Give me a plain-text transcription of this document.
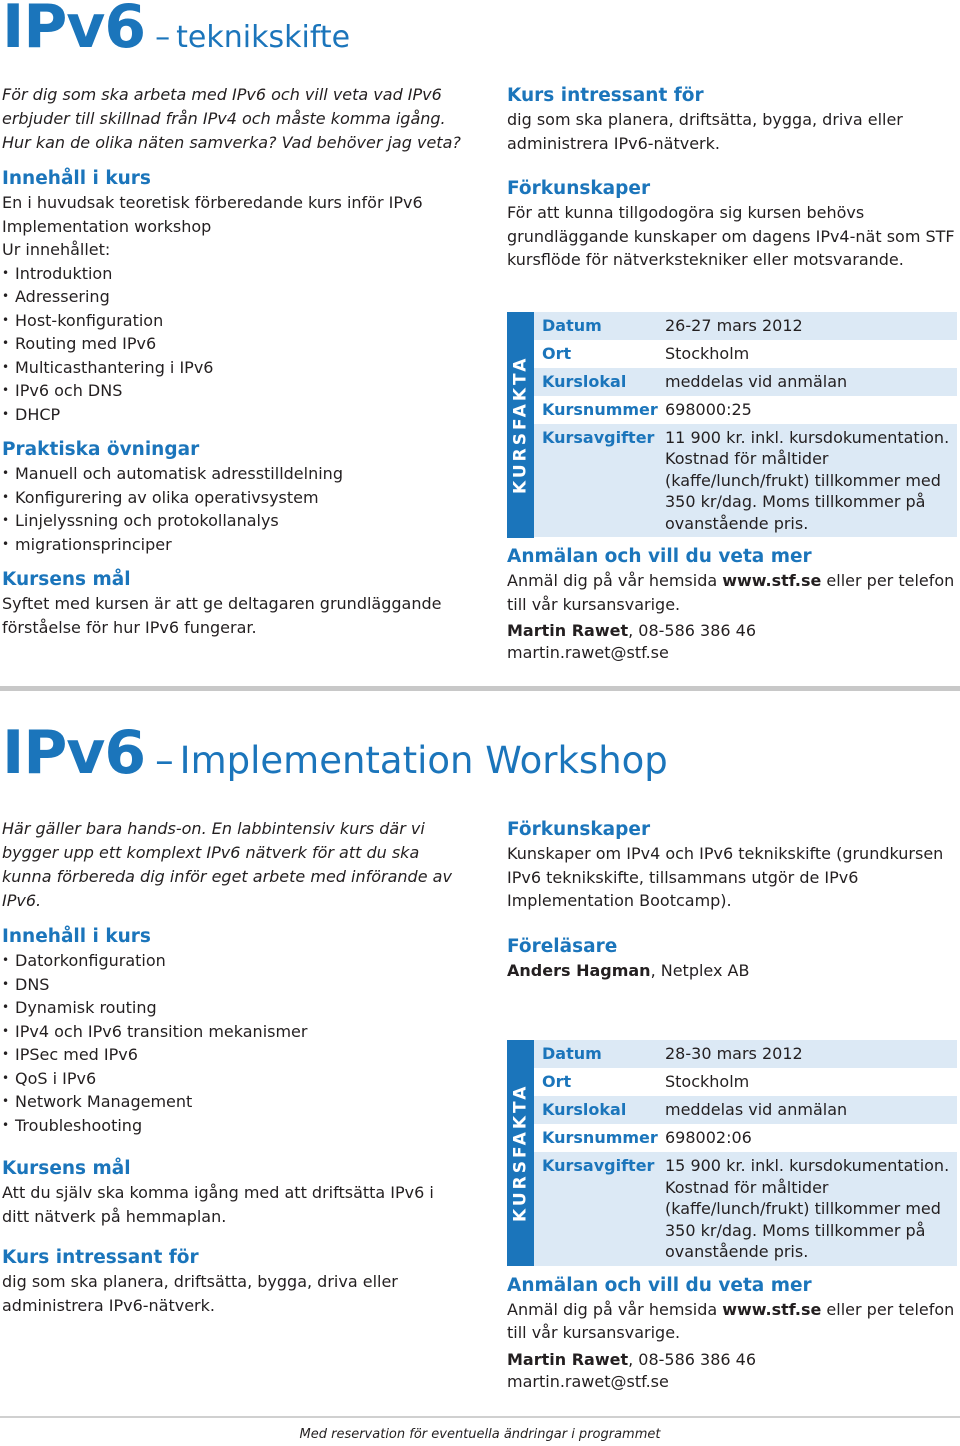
IPv6 – teknikskifte

För dig som ska arbeta med IPv6 och vill veta vad IPv6 erbjuder till skillnad från IPv4 och måste komma igång. Hur kan de olika näten samverka? Vad behöver jag veta?

Innehåll i kurs

En i huvudsak teoretisk förberedande kurs inför IPv6 Implementation workshop

Ur innehållet:

• Introduktion
• Adressering
• Host-konfiguration
• Routing med IPv6
• Multicasthantering i IPv6
• IPv6 och DNS
• DHCP
Praktiska övningar
• Manuell och automatisk adresstilldelning
• Konfigurering av olika operativsystem
• Linjelyssning och protokollanalys
• migrationsprinciper
Kursens mål

Syftet med kursen är att ge deltagaren grundläggande förståelse för hur IPv6 fungerar.

Kurs intressant för

dig som ska planera, driftsätta, bygga, driva eller administrera IPv6-nätverk.

Förkunskaper

För att kunna tillgodogöra sig kursen behövs grundläggande kunskaper om dagens IPv4-nät som STF kursflöde för nätverkstekniker eller motsvarande.

KURSFAKTA
Datum	26-27 mars 2012
Ort	Stockholm
Kurslokal	meddelas vid anmälan
Kursnummer 698000:25
Kursavgifter 11 900 kr. inkl. kursdokumentation. Kostnad för måltider (kaffe/lunch/frukt) tillkommer med 350 kr/dag. Moms tillkommer på ovanstående pris.
Anmälan och vill du veta mer

Anmäl dig på vår hemsida www.stf.se eller per telefon till vår kursansvarige.

Martin Rawet, 08-586 386 46

martin.rawet@stf.se

IPv6 – Implementation Workshop

Här gäller bara hands-on. En labbintensiv kurs där vi bygger upp ett komplext IPv6 nätverk för att du ska kunna förbereda dig inför eget arbete med införande av IPv6.

Innehåll i kurs
• Datorkonfiguration
• DNS
• Dynamisk routing
• IPv4 och IPv6 transition mekanismer
• IPSec med IPv6
• QoS i IPv6
• Network Management
• Troubleshooting
Kursens mål

Att du själv ska komma igång med att driftsätta IPv6 i ditt nätverk på hemmaplan.

Kurs intressant för

dig som ska planera, driftsätta, bygga, driva eller administrera IPv6-nätverk.

Förkunskaper

Kunskaper om IPv4 och IPv6 teknikskifte (grundkursen IPv6 teknikskifte, tillsammans utgör de IPv6 Implementation Bootcamp).

Föreläsare

Anders Hagman, Netplex AB

KURSFAKTA
Datum	28-30 mars 2012
Ort	Stockholm
Kurslokal	meddelas vid anmälan
Kursnummer 698002:06
Kursavgifter 15 900 kr. inkl. kursdokumentation. Kostnad för måltider (kaffe/lunch/frukt) tillkommer med 350 kr/dag. Moms tillkommer på ovanstående pris.
Anmälan och vill du veta mer

Anmäl dig på vår hemsida www.stf.se eller per telefon till vår kursansvarige.

Martin Rawet, 08-586 386 46

martin.rawet@stf.se

Med reservation för eventuella ändringar i programmet
